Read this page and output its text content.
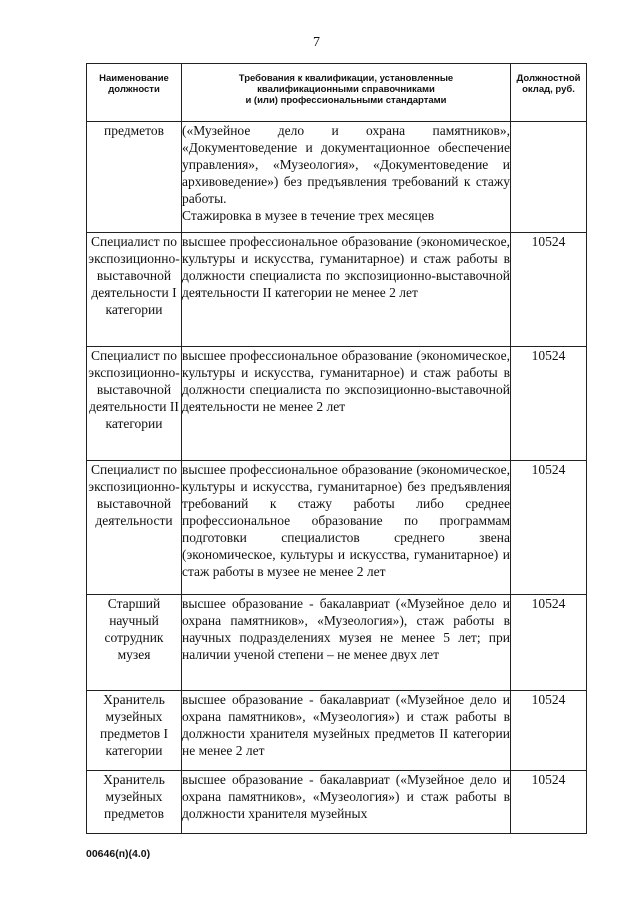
7
Наименование должности	Требования к квалификации, установленные
квалификационными справочниками
и (или) профессиональными стандартами	Должностной оклад, руб.

предметов	(«Музейное дело и охрана памятников», «Документоведение и документационное обеспечение управления», «Музеология», «Документоведение и архивоведение») без предъявления требований к стажу работы.

Стажировка в музее в течение трех месяцев	

Специалист по экспозиционно-выставочной деятельности I категории	высшее профессиональное образование (экономическое, культуры и искусства, гуманитарное) и стаж работы в должности специалиста по экспозиционно-выставочной деятельности II категории не менее 2 лет	10524
Специалист по экспозиционно-выставочной деятельности II категории	высшее профессиональное образование (экономическое, культуры и искусства, гуманитарное) и стаж работы в должности специалиста по экспозиционно-выставочной деятельности не менее 2 лет	10524
Специалист по экспозиционно-выставочной деятельности	высшее профессиональное образование (экономическое, культуры и искусства, гуманитарное) без предъявления требований к стажу работы либо среднее профессиональное образование по программам подготовки специалистов среднего звена (экономическое, культуры и искусства, гуманитарное) и стаж работы в музее не менее 2 лет	10524
Старший научный сотрудник музея	высшее образование - бакалавриат («Музейное дело и охрана памятников», «Музеология»), стаж работы в научных подразделениях музея не менее 5 лет; при наличии ученой степени – не менее двух лет	10524
Хранитель музейных предметов I категории	высшее образование - бакалавриат («Музейное дело и охрана памятников», «Музеология») и стаж работы в должности хранителя музейных предметов II категории не менее 2 лет	10524
Хранитель музейных предметов	высшее образование - бакалавриат («Музейное дело и охрана памятников», «Музеология») и стаж работы в должности хранителя музейных	10524
00646(п)(4.0)
